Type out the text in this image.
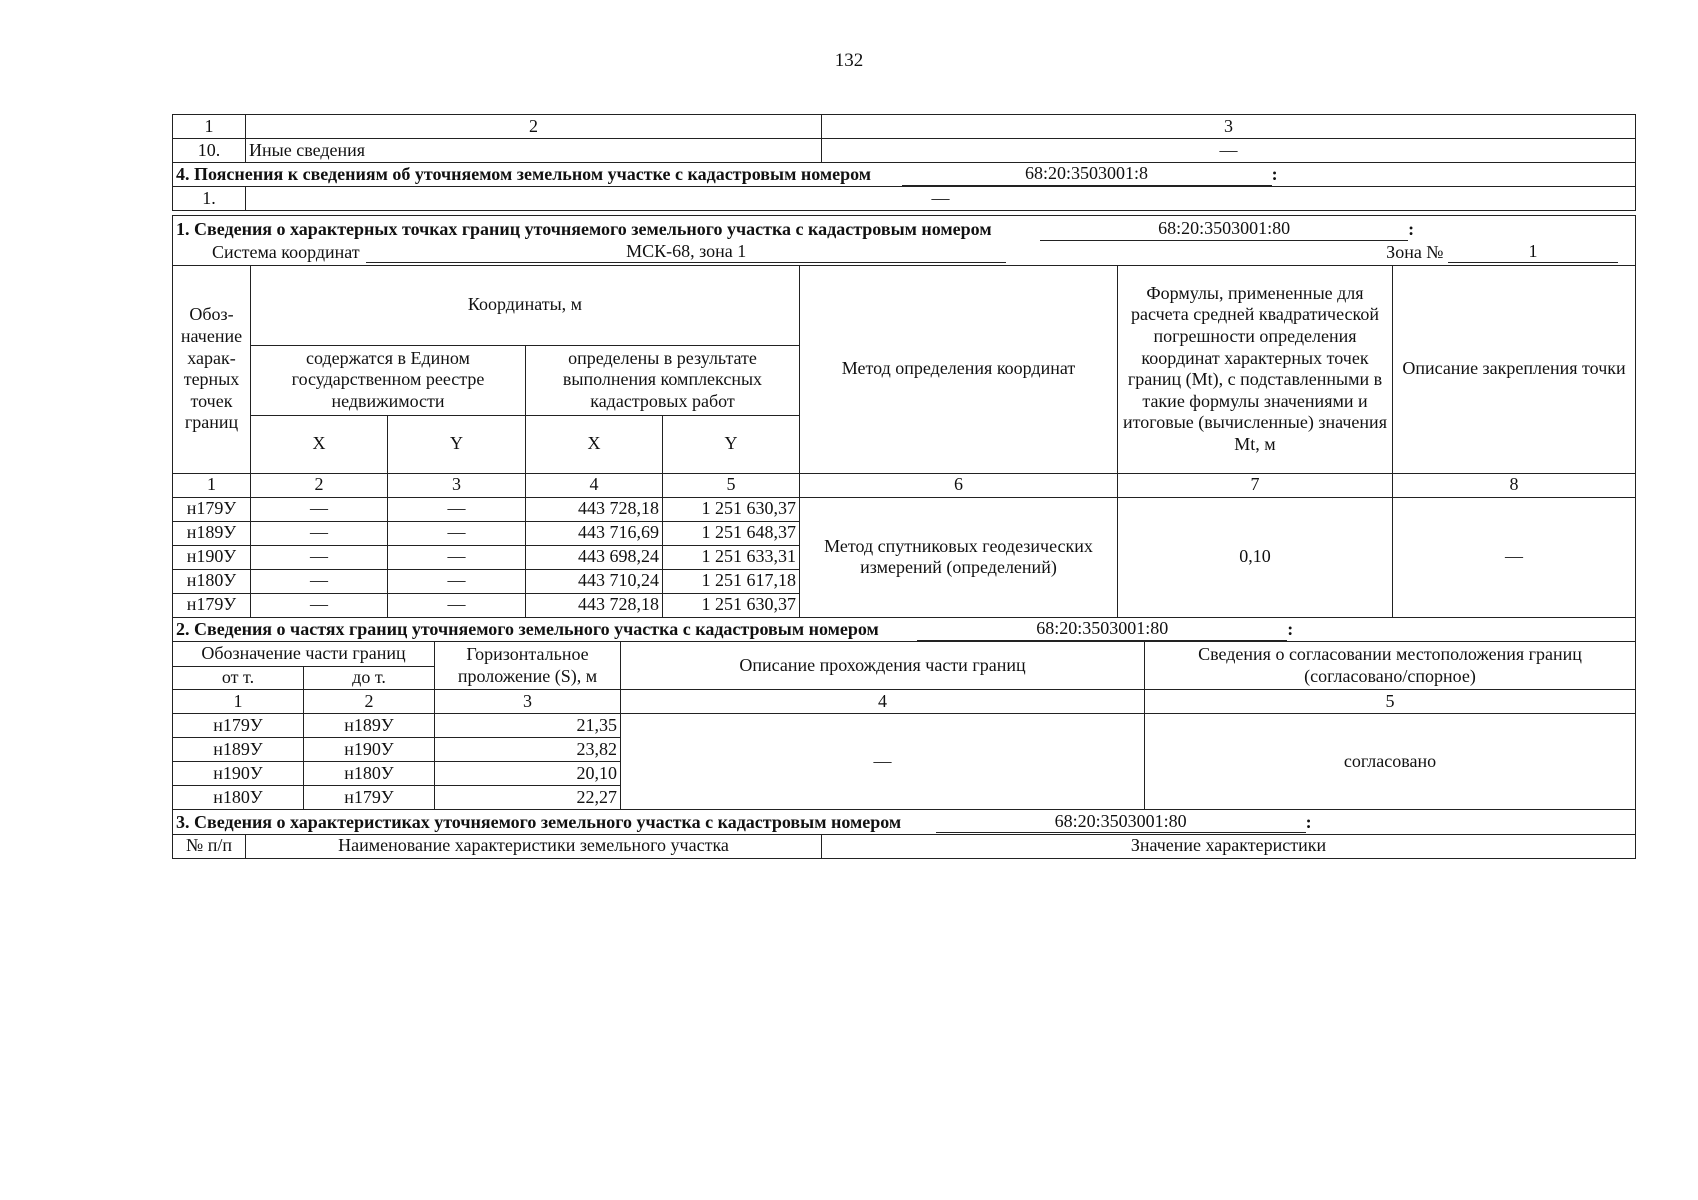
132
1	2	3
10.	Иные сведения	—
4. Пояснения к сведениям об уточняемом земельном участке с кадастровым номером 68:20:3503001:8 :		
1.	—	
1. Сведения о характерных точках границ уточняемого земельного участка с кадастровым номером 68:20:3503001:80 :
Система координат МСК-68, зона 1 Зона № 1							

Обоз-начение харак-терных точек границ	Координаты, м				Метод определения координат	Формулы, примененные для расчета средней квадратической погрешности определения координат характерных точек границ (Mt), с подставленными в такие формулы значениями и итоговые (вычисленные) значения Mt, м	Описание закрепления точки
	содержатся в Едином государственном реестре недвижимости		определены в результате выполнения комплексных кадастровых работ				
	X	Y	X	Y			
1	2	3	4	5	6	7	8
н179У	—	—	443 728,18	1 251 630,37	Метод спутниковых геодезических измерений (определений)	0,10	—
н189У	—	—	443 716,69	1 251 648,37			
н190У	—	—	443 698,24	1 251 633,31			
н180У	—	—	443 710,24	1 251 617,18			
н179У	—	—	443 728,18	1 251 630,37			
2. Сведения о частях границ уточняемого земельного участка с кадастровым номером 68:20:3503001:80 :				
Обозначение части границ		Горизонтальное проложение (S), м	Описание прохождения части границ	Сведения о согласовании местоположения границ (согласовано/спорное)
от т.	до т.			
1	2	3	4	5
н179У	н189У	21,35	—	согласовано
н189У	н190У	23,82		
н190У	н180У	20,10		
н180У	н179У	22,27		
3. Сведения о характеристиках уточняемого земельного участка с кадастровым номером	68:20:3503001:80	:
№ п/п	Наименование характеристики земельного участка	Значение характеристики
